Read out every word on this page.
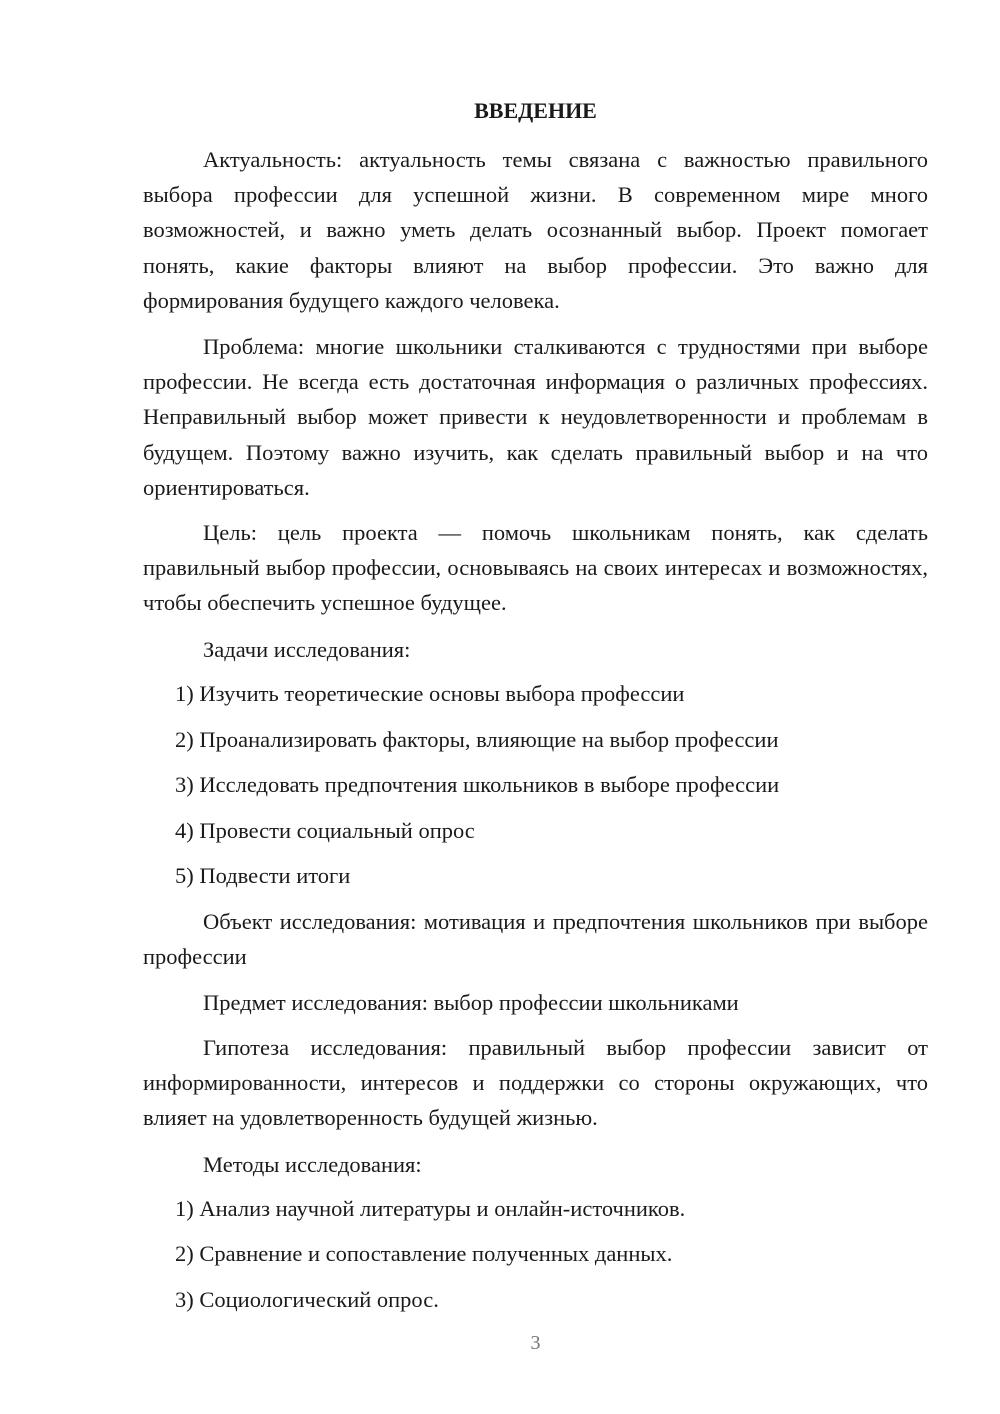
ВВЕДЕНИЕ

Актуальность: актуальность темы связана с важностью правильного выбора профессии для успешной жизни. В современном мире много возможностей, и важно уметь делать осознанный выбор. Проект помогает понять, какие факторы влияют на выбор профессии. Это важно для формирования будущего каждого человека.

Проблема: многие школьники сталкиваются с трудностями при выборе профессии. Не всегда есть достаточная информация о различных профессиях. Неправильный выбор может привести к неудовлетворенности и проблемам в будущем. Поэтому важно изучить, как сделать правильный выбор и на что ориентироваться.

Цель: цель проекта — помочь школьникам понять, как сделать правильный выбор профессии, основываясь на своих интересах и возможностях, чтобы обеспечить успешное будущее.

Задачи исследования:

1) Изучить теоретические основы выбора профессии

2) Проанализировать факторы, влияющие на выбор профессии

3) Исследовать предпочтения школьников в выборе профессии

4) Провести социальный опрос

5) Подвести итоги

Объект исследования: мотивация и предпочтения школьников при выборе профессии

Предмет исследования: выбор профессии школьниками

Гипотеза исследования: правильный выбор профессии зависит от информированности, интересов и поддержки со стороны окружающих, что влияет на удовлетворенность будущей жизнью.

Методы исследования:

1) Анализ научной литературы и онлайн-источников.

2) Сравнение и сопоставление полученных данных.

3) Социологический опрос.

3
